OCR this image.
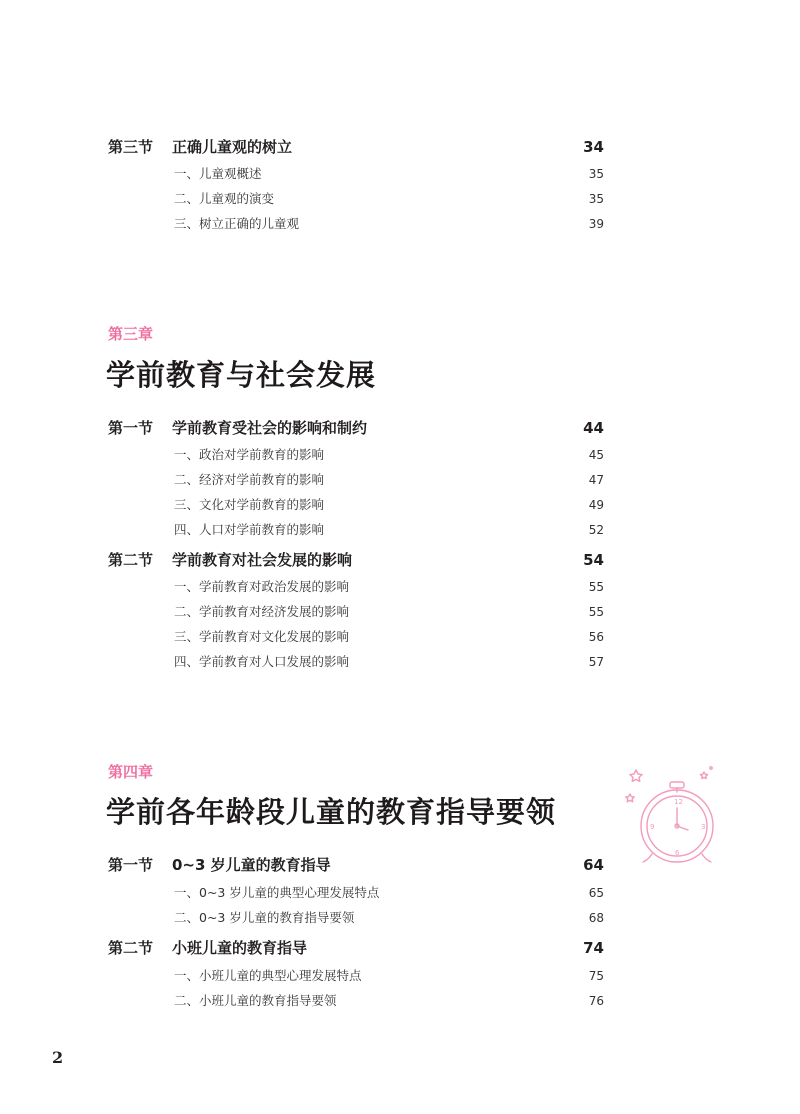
第三节 正确儿童观的树立	34
一、儿童观概述	35
二、儿童观的演变	35
三、树立正确的儿童观	39
第三章
学前教育与社会发展
第一节 学前教育受社会的影响和制约	44
一、政治对学前教育的影响	45
二、经济对学前教育的影响	47
三、文化对学前教育的影响	49
四、人口对学前教育的影响	52
第二节 学前教育对社会发展的影响	54
一、学前教育对政治发展的影响	55
二、学前教育对经济发展的影响	55
三、学前教育对文化发展的影响	56
四、学前教育对人口发展的影响	57
第四章
学前各年龄段儿童的教育指导要领
第一节 0~3 岁儿童的教育指导	64
一、0~3 岁儿童的典型心理发展特点	65
二、0~3 岁儿童的教育指导要领	68
第二节 小班儿童的教育指导	74
一、小班儿童的典型心理发展特点	75
二、小班儿童的教育指导要领	76
12
3
6
9
2
